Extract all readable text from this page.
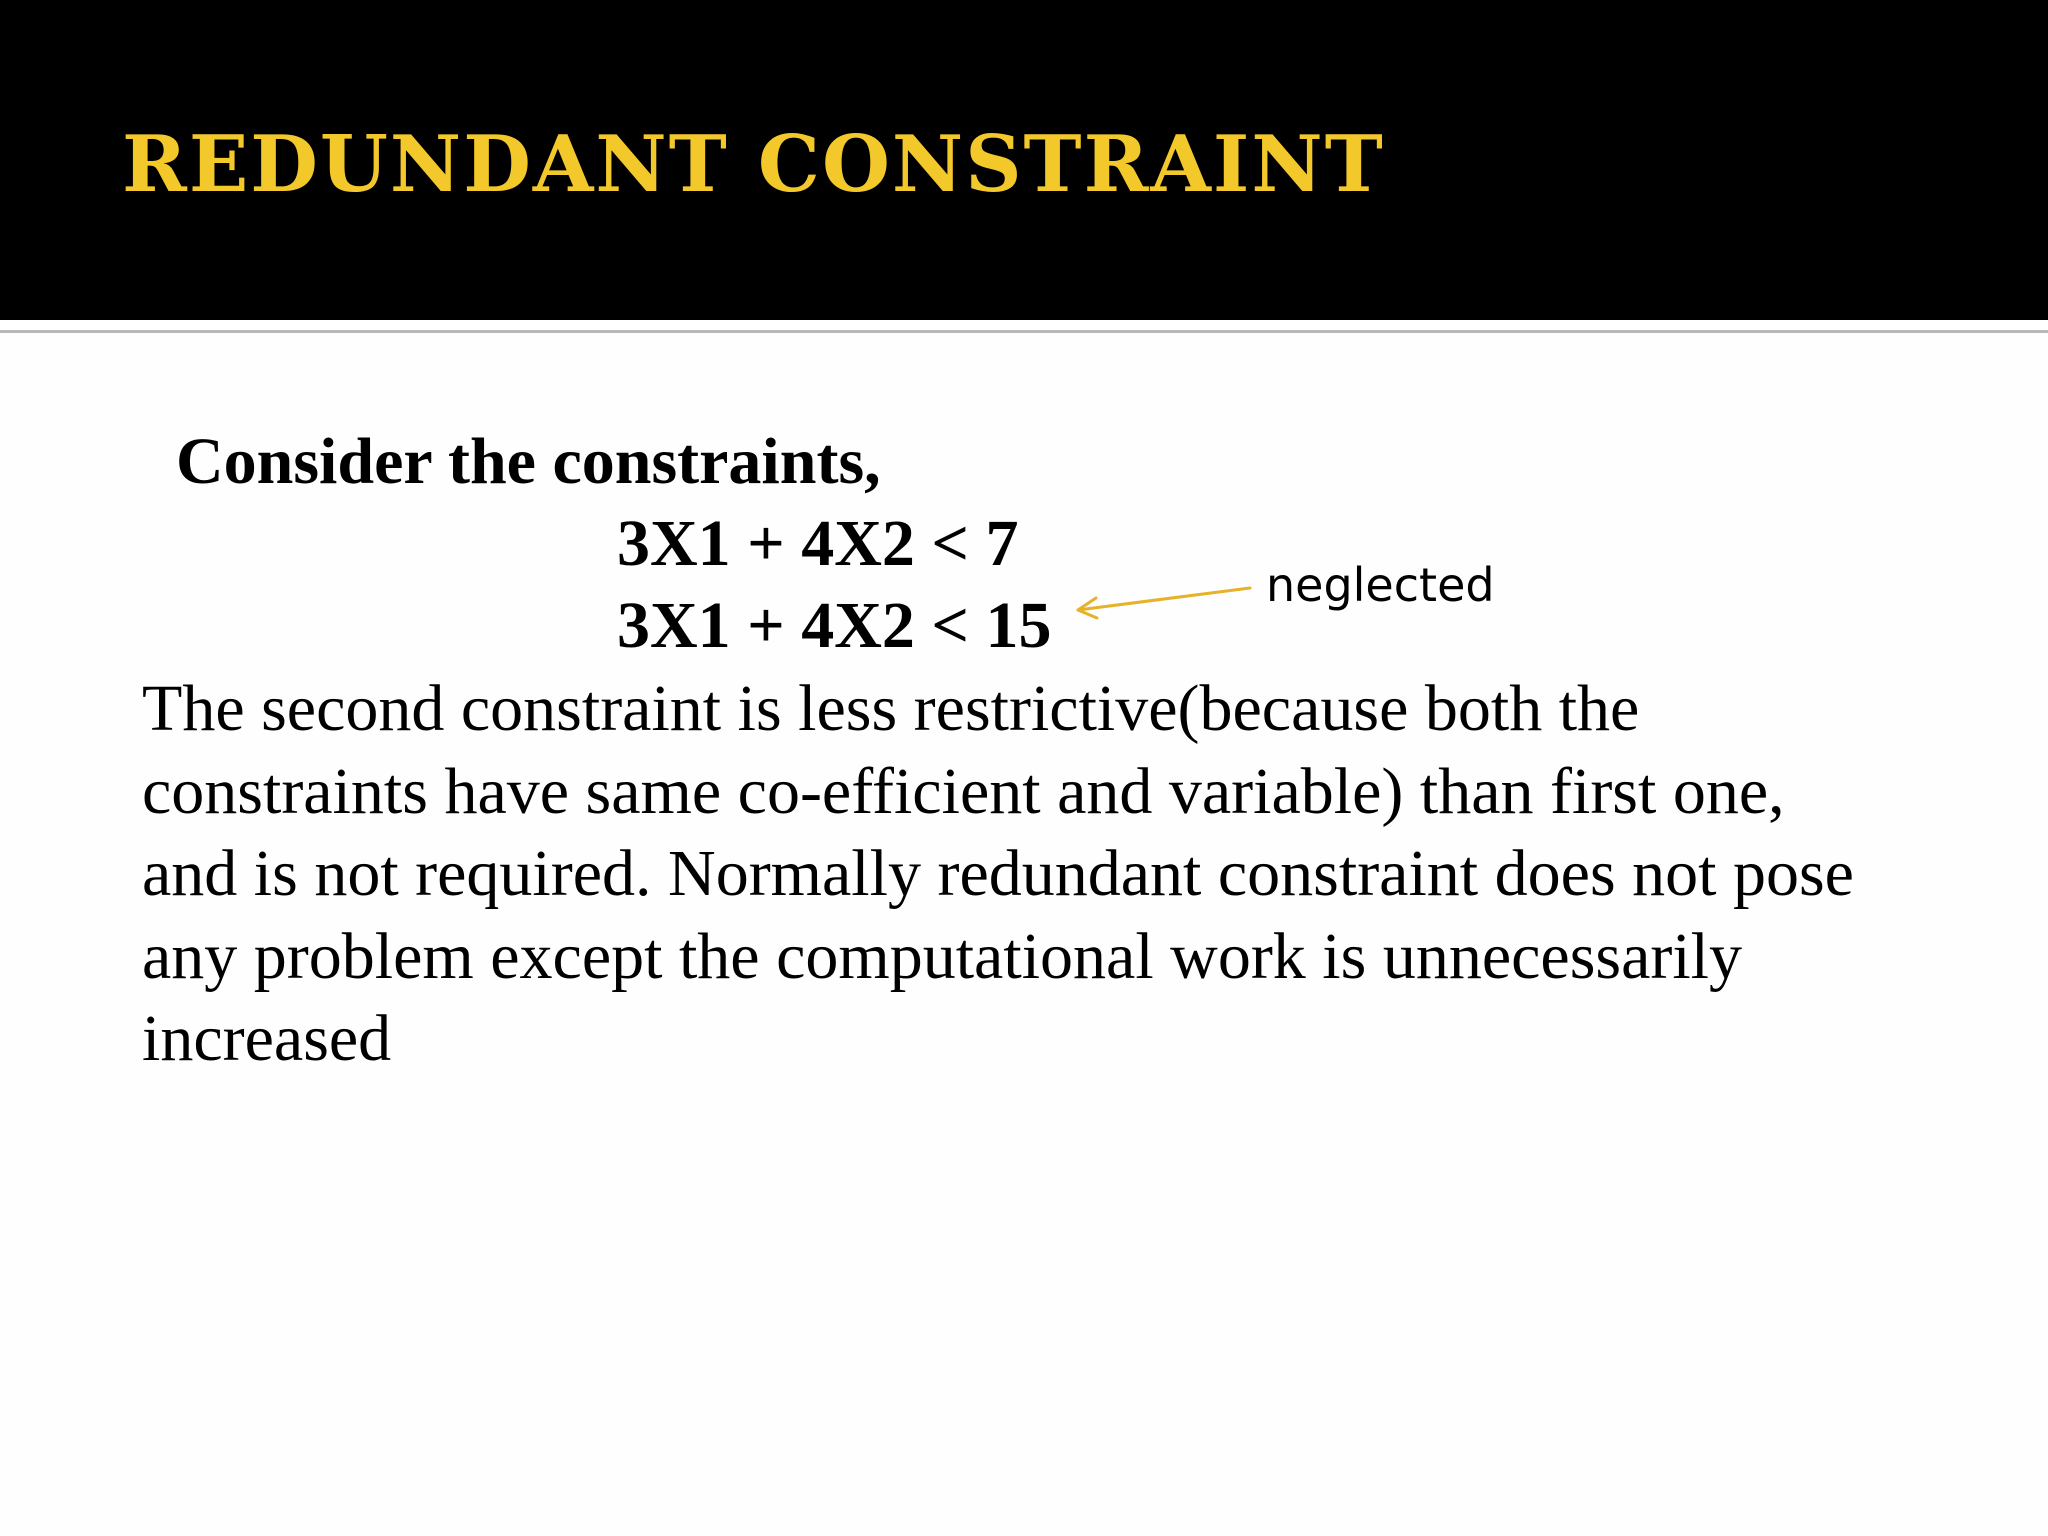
REDUNDANT CONSTRAINT

Consider the constraints,

3X1 + 4X2 < 7

3X1 + 4X2 < 15

neglected

The second constraint is less restrictive(because both the
constraints have same co-efficient and variable) than first one,
and is not required. Normally redundant constraint does not pose
any problem except the computational work is unnecessarily
increased
